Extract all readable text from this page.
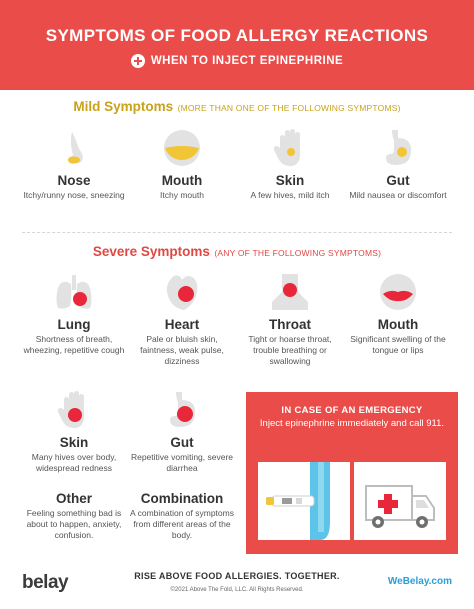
SYMPTOMS OF FOOD ALLERGY REACTIONS
WHEN TO INJECT EPINEPHRINE
Mild Symptoms (MORE THAN ONE OF THE FOLLOWING SYMPTOMS)
Nose
Itchy/runny nose, sneezing
Mouth
Itchy mouth
Skin
A few hives, mild itch
Gut
Mild nausea or discomfort
Severe Symptoms (ANY OF THE FOLLOWING SYMPTOMS)
Lung
Shortness of breath, wheezing, repetitive cough
Heart
Pale or bluish skin, faintness, weak pulse, dizziness
Throat
Tight or hoarse throat, trouble breathing or swallowing
Mouth
Significant swelling of the tongue or lips
Skin
Many hives over body, widespread redness
Gut
Repetitive vomiting, severe diarrhea
Other
Feeling something bad is about to happen, anxiety, confusion.
Combination
A combination of symptoms from different areas of the body.
IN CASE OF AN EMERGENCY
Inject epinephrine immediately and call 911.
belay	RISE ABOVE FOOD ALLERGIES. TOGETHER.
©2021 Above The Fold, LLC. All Rights Reserved.
WeBelay.com
